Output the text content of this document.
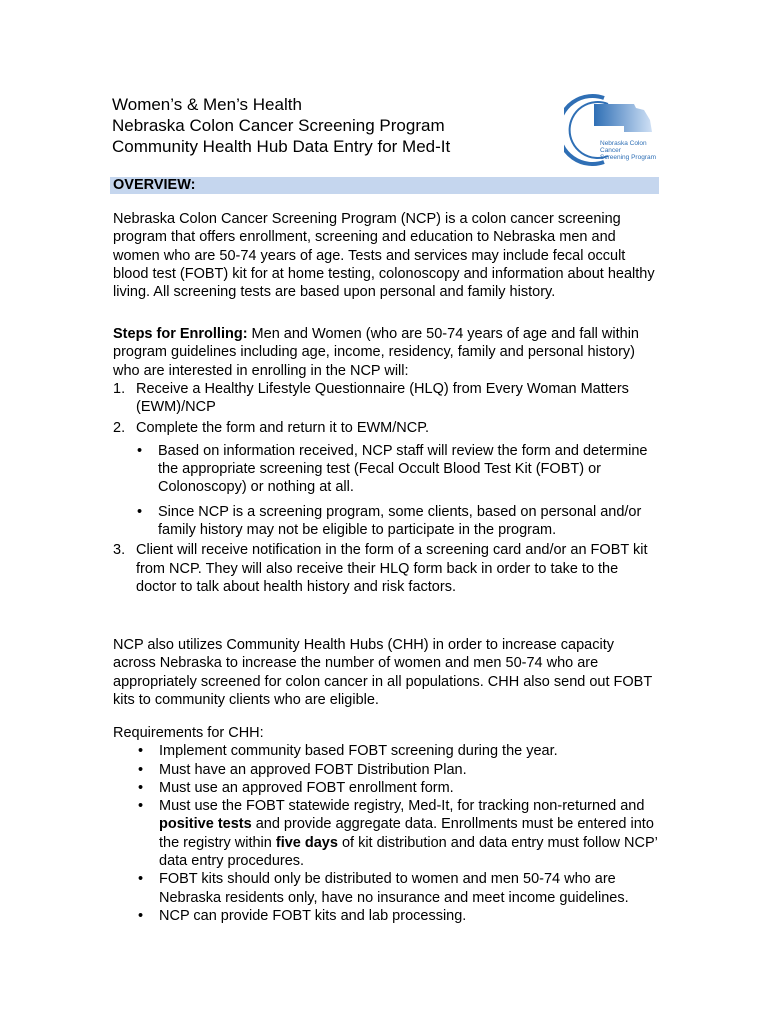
Women’s & Men’s Health
Nebraska Colon Cancer Screening Program
Community Health Hub Data Entry for Med-It	Nebraska Colon Cancer
Screening Program
OVERVIEW:

Nebraska Colon Cancer Screening Program (NCP) is a colon cancer screening program that offers enrollment, screening and education to Nebraska men and women who are 50-74 years of age. Tests and services may include fecal occult blood test (FOBT) kit for at home testing, colonoscopy and information about healthy living. All screening tests are based upon personal and family history.

Steps for Enrolling: Men and Women (who are 50-74 years of age and fall within program guidelines including age, income, residency, family and personal history) who are interested in enrolling in the NCP will:

1. Receive a Healthy Lifestyle Questionnaire (HLQ) from Every Woman Matters (EWM)/NCP
2. Complete the form and return it to EWM/NCP.
• Based on information received, NCP staff will review the form and determine the appropriate screening test (Fecal Occult Blood Test Kit (FOBT) or Colonoscopy) or nothing at all.
• Since NCP is a screening program, some clients, based on personal and/or family history may not be eligible to participate in the program.
3. Client will receive notification in the form of a screening card and/or an FOBT kit from NCP. They will also receive their HLQ form back in order to take to the doctor to talk about health history and risk factors.

NCP also utilizes Community Health Hubs (CHH) in order to increase capacity across Nebraska to increase the number of women and men 50-74 who are appropriately screened for colon cancer in all populations. CHH also send out FOBT kits to community clients who are eligible.

Requirements for CHH:

• Implement community based FOBT screening during the year.
• Must have an approved FOBT Distribution Plan.
• Must use an approved FOBT enrollment form.
• Must use the FOBT statewide registry, Med-It, for tracking non-returned and positive tests and provide aggregate data. Enrollments must be entered into the registry within five days of kit distribution and data entry must follow NCP’ data entry procedures.
• FOBT kits should only be distributed to women and men 50-74 who are Nebraska residents only, have no insurance and meet income guidelines.
• NCP can provide FOBT kits and lab processing.
